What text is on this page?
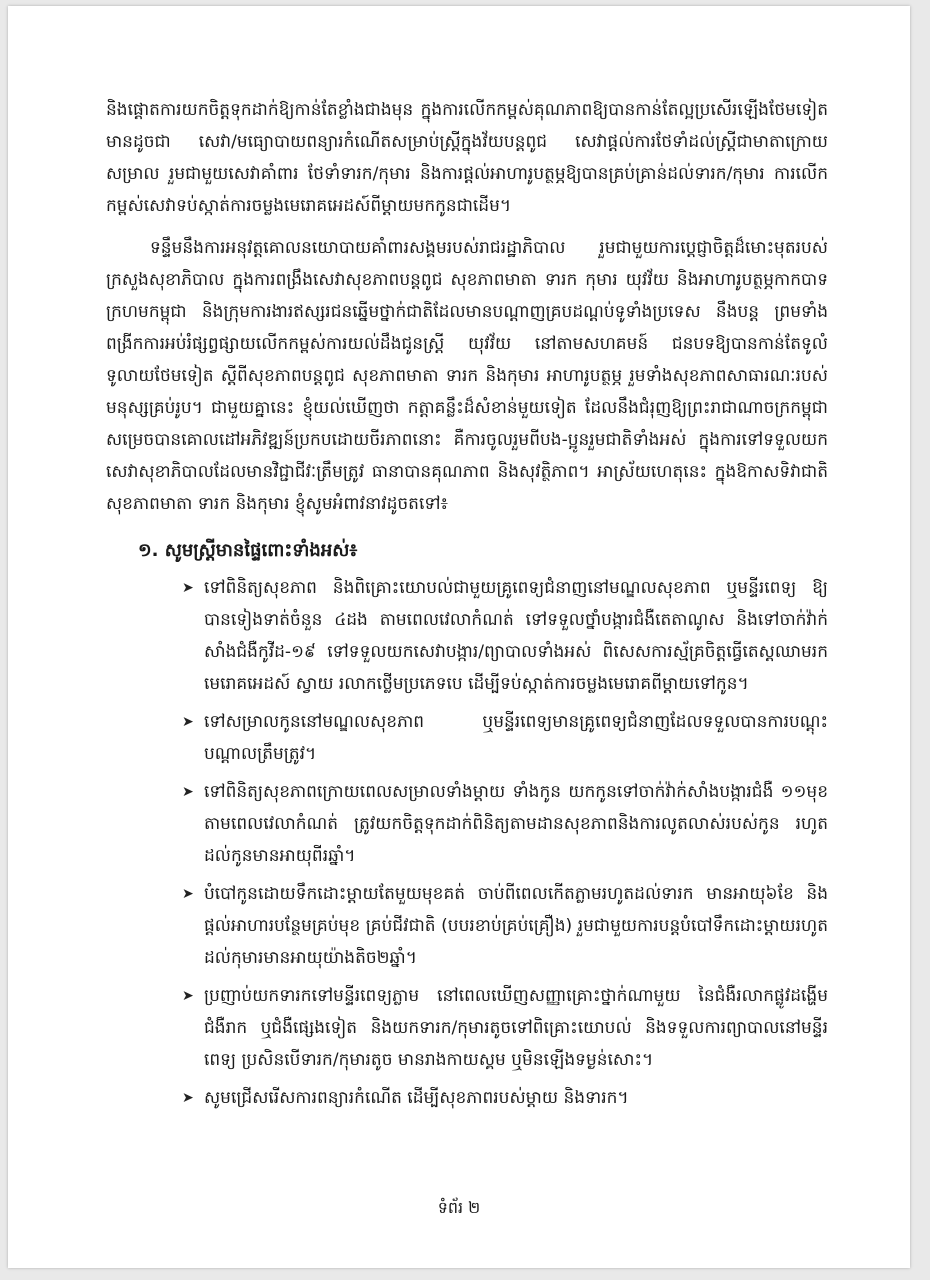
និងផ្តោតការយកចិត្តទុកដាក់ឱ្យកាន់តែខ្លាំងជាងមុន ក្នុងការលើកកម្ពស់គុណភាពឱ្យបានកាន់តែល្អប្រសើរឡើងថែមទៀត មានដូចជា សេវា/មធ្យោបាយពន្យារកំណើតសម្រាប់ស្ត្រីក្នុងវ័យបន្តពូជ សេវាផ្តល់ការថែទាំដល់ស្ត្រីជាមាតាក្រោយសម្រាល រួមជាមួយសេវាគាំពារ ថែទាំទារក/កុមារ និងការផ្តល់អាហារូបត្ថម្ភឱ្យបានគ្រប់គ្រាន់ដល់ទារក/កុមារ ការលើកកម្ពស់សេវាទប់ស្កាត់ការចម្លងមេរោគអេដស៍ពីម្តាយមកកូនជាដើម។

ទន្ទឹមនឹងការអនុវត្តគោលនយោបាយគាំពារសង្គមរបស់រាជរដ្ឋាភិបាល រួមជាមួយការប្តេជ្ញាចិត្តដ៏មោះមុតរបស់ក្រសួងសុខាភិបាល ក្នុងការពង្រឹងសេវាសុខភាពបន្តពូជ សុខភាពមាតា ទារក កុមារ យុវវ័យ និងអាហារូបត្ថម្ភកាកបាទក្រហមកម្ពុជា និងក្រុមការងារឥស្សរជនឆ្នើមថ្នាក់ជាតិដែលមានបណ្តាញគ្របដណ្តប់ទូទាំងប្រទេស នឹងបន្ត ព្រមទាំងពង្រីកការអប់រំផ្សព្វផ្សាយលើកកម្ពស់ការយល់ដឹងជូនស្ត្រី យុវវ័យ នៅតាមសហគមន៍ ជនបទឱ្យបានកាន់តែទូលំទូលាយថែមទៀត ស្តីពីសុខភាពបន្តពូជ សុខភាពមាតា ទារក និងកុមារ អាហារូបត្ថម្ភ រួមទាំងសុខភាពសាធារណៈរបស់មនុស្សគ្រប់រូប។ ជាមួយគ្នានេះ ខ្ញុំយល់ឃើញថា កត្តាគន្លឹះដ៏សំខាន់មួយទៀត ដែលនឹងជំរុញឱ្យព្រះរាជាណាចក្រកម្ពុជាសម្រេចបានគោលដៅអភិវឌ្ឍន៍ប្រកបដោយចីរភាពនោះ គឺការចូលរួមពីបង-ប្អូនរួមជាតិទាំងអស់ ក្នុងការទៅទទួលយកសេវាសុខាភិបាលដែលមានវិជ្ជាជីវៈត្រឹមត្រូវ ធានាបានគុណភាព និងសុវត្ថិភាព។ អាស្រ័យហេតុនេះ ក្នុងឱកាសទិវាជាតិសុខភាពមាតា ទារក និងកុមារ ខ្ញុំសូមអំពាវនាវដូចតទៅ៖

១. សូមស្ត្រីមានផ្ទៃពោះទាំងអស់៖
➤ ទៅពិនិត្យសុខភាព និងពិគ្រោះយោបល់ជាមួយគ្រូពេទ្យជំនាញនៅមណ្ឌលសុខភាព ឬមន្ទីរពេទ្យ ឱ្យបានទៀងទាត់ចំនួន ៤ដង តាមពេលវេលាកំណត់ ទៅទទួលថ្នាំបង្ការជំងឺតេតាណូស និងទៅចាក់វ៉ាក់សាំងជំងឺកូវីដ-១៩ ទៅទទួលយកសេវាបង្ការ/ព្យាបាលទាំងអស់ ពិសេសការស្ម័គ្រចិត្តធ្វើតេស្តឈាមរកមេរោគអេដស៍ ស្វាយ រលាកថ្លើមប្រភេទបេ ដើម្បីទប់ស្កាត់ការចម្លងមេរោគពីម្តាយទៅកូន។
➤ ទៅសម្រាលកូននៅមណ្ឌលសុខភាព ឬមន្ទីរពេទ្យមានគ្រូពេទ្យជំនាញដែលទទួលបានការបណ្តុះបណ្តាលត្រឹមត្រូវ។
➤ ទៅពិនិត្យសុខភាពក្រោយពេលសម្រាលទាំងម្តាយ ទាំងកូន យកកូនទៅចាក់វ៉ាក់សាំងបង្ការជំងឺ ១១មុខ តាមពេលវេលាកំណត់ ត្រូវយកចិត្តទុកដាក់ពិនិត្យតាមដានសុខភាពនិងការលូតលាស់របស់កូន រហូតដល់កូនមានអាយុពីរឆ្នាំ។
➤ បំបៅកូនដោយទឹកដោះម្តាយតែមួយមុខគត់ ចាប់ពីពេលកើតភ្លាមរហូតដល់ទារក មានអាយុ៦ខែ និងផ្តល់អាហារបន្ថែមគ្រប់មុខ គ្រប់ជីវជាតិ (បបរខាប់គ្រប់គ្រឿង) រួមជាមួយការបន្តបំបៅទឹកដោះម្តាយរហូតដល់កុមារមានអាយុយ៉ាងតិច២ឆ្នាំ។
➤ ប្រញាប់យកទារកទៅមន្ទីរពេទ្យភ្លាម នៅពេលឃើញសញ្ញាគ្រោះថ្នាក់ណាមួយ នៃជំងឺរលាកផ្លូវដង្ហើម ជំងឺរាក ឬជំងឺផ្សេងទៀត និងយកទារក/កុមារតូចទៅពិគ្រោះយោបល់ និងទទួលការព្យាបាលនៅមន្ទីរពេទ្យ ប្រសិនបើទារក/កុមារតូច មានរាងកាយស្គម ឬមិនឡើងទម្ងន់សោះ។
➤ សូមជ្រើសរើសការពន្យារកំណើត ដើម្បីសុខភាពរបស់ម្តាយ និងទារក។
ទំព័រ ២
